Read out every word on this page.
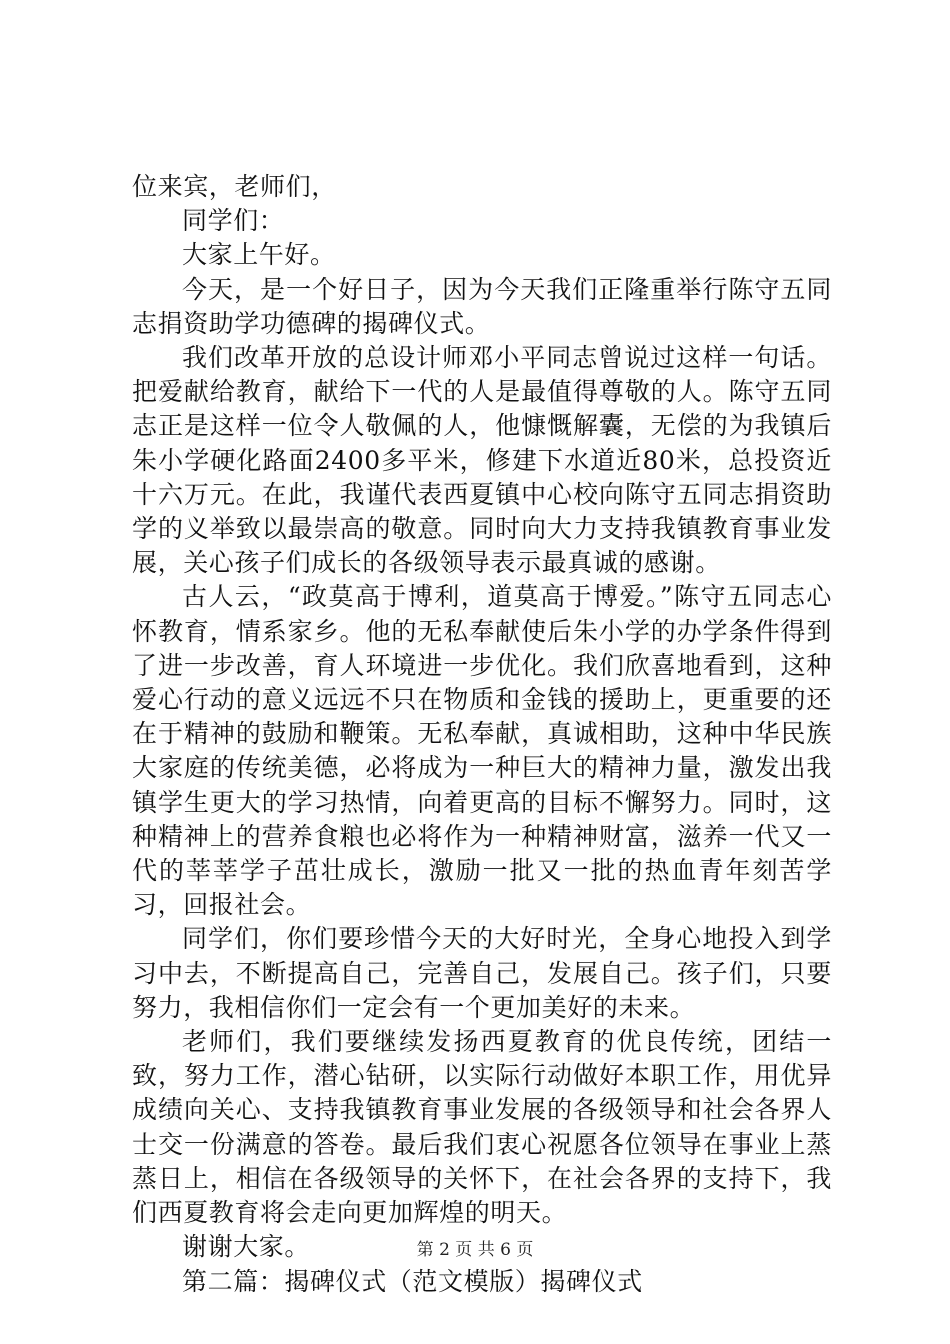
位来宾，老师们，

同学们：

大家上午好。

今天，是一个好日子，因为今天我们正隆重举行陈守五同志捐资助学功德碑的揭碑仪式。

我们改革开放的总设计师邓小平同志曾说过这样一句话。把爱献给教育，献给下一代的人是最值得尊敬的人。陈守五同志正是这样一位令人敬佩的人，他慷慨解囊，无偿的为我镇后朱小学硬化路面2400多平米，修建下水道近80米，总投资近十六万元。在此，我谨代表西夏镇中心校向陈守五同志捐资助学的义举致以最崇高的敬意。同时向大力支持我镇教育事业发展，关心孩子们成长的各级领导表示最真诚的感谢。

古人云，“政莫高于博利，道莫高于博爱。”陈守五同志心怀教育，情系家乡。他的无私奉献使后朱小学的办学条件得到了进一步改善，育人环境进一步优化。我们欣喜地看到，这种爱心行动的意义远远不只在物质和金钱的援助上，更重要的还在于精神的鼓励和鞭策。无私奉献，真诚相助，这种中华民族大家庭的传统美德，必将成为一种巨大的精神力量，激发出我镇学生更大的学习热情，向着更高的目标不懈努力。同时，这种精神上的营养食粮也必将作为一种精神财富，滋养一代又一代的莘莘学子茁壮成长，激励一批又一批的热血青年刻苦学习，回报社会。

同学们，你们要珍惜今天的大好时光，全身心地投入到学习中去，不断提高自己，完善自己，发展自己。孩子们，只要努力，我相信你们一定会有一个更加美好的未来。

老师们，我们要继续发扬西夏教育的优良传统，团结一致，努力工作，潜心钻研，以实际行动做好本职工作，用优异成绩向关心、支持我镇教育事业发展的各级领导和社会各界人士交一份满意的答卷。最后我们衷心祝愿各位领导在事业上蒸蒸日上，相信在各级领导的关怀下，在社会各界的支持下，我们西夏教育将会走向更加辉煌的明天。

谢谢大家。

第二篇：揭碑仪式（范文模版）揭碑仪式

第 2 页 共 6 页
